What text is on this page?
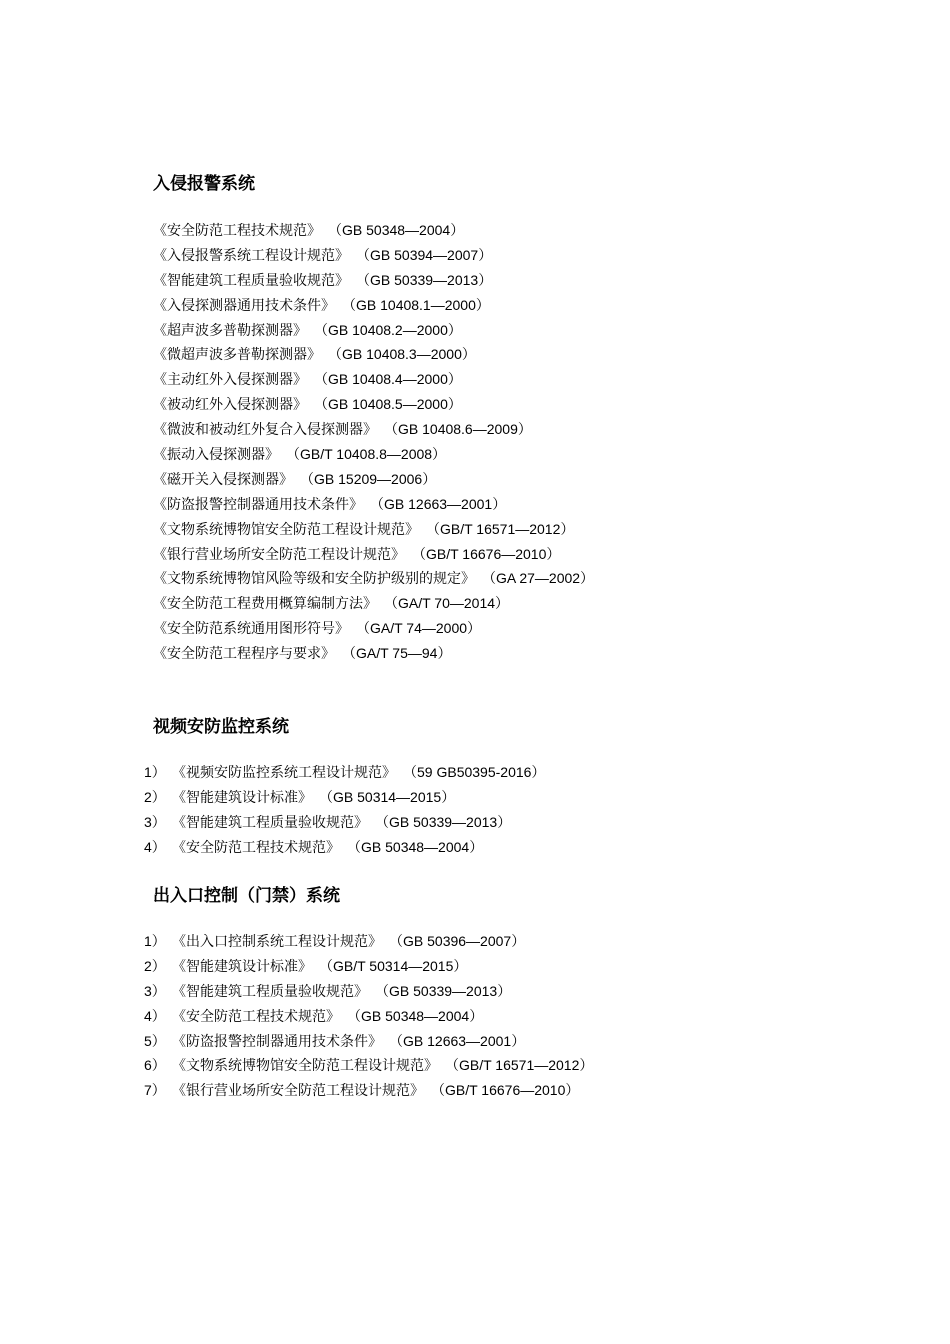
入侵报警系统
《安全防范工程技术规范》 （GB 50348—2004）
《入侵报警系统工程设计规范》 （GB 50394—2007）
《智能建筑工程质量验收规范》 （GB 50339—2013）
《入侵探测器通用技术条件》 （GB 10408.1—2000）
《超声波多普勒探测器》 （GB 10408.2—2000）
《微超声波多普勒探测器》 （GB 10408.3—2000）
《主动红外入侵探测器》 （GB 10408.4—2000）
《被动红外入侵探测器》 （GB 10408.5—2000）
《微波和被动红外复合入侵探测器》 （GB 10408.6—2009）
《振动入侵探测器》 （GB/T 10408.8—2008）
《磁开关入侵探测器》 （GB 15209—2006）
《防盗报警控制器通用技术条件》 （GB 12663—2001）
《文物系统博物馆安全防范工程设计规范》 （GB/T 16571—2012）
《银行营业场所安全防范工程设计规范》 （GB/T 16676—2010）
《文物系统博物馆风险等级和安全防护级别的规定》 （GA 27—2002）
《安全防范工程费用概算编制方法》 （GA/T 70—2014）
《安全防范系统通用图形符号》 （GA/T 74—2000）
《安全防范工程程序与要求》 （GA/T 75—94）
视频安防监控系统
1） 《视频安防监控系统工程设计规范》 （59 GB50395-2016）
2） 《智能建筑设计标准》 （GB 50314—2015）
3） 《智能建筑工程质量验收规范》 （GB 50339—2013）
4） 《安全防范工程技术规范》 （GB 50348—2004）
出入口控制（门禁）系统
1） 《出入口控制系统工程设计规范》 （GB 50396—2007）
2） 《智能建筑设计标准》 （GB/T 50314—2015）
3） 《智能建筑工程质量验收规范》 （GB 50339—2013）
4） 《安全防范工程技术规范》 （GB 50348—2004）
5） 《防盗报警控制器通用技术条件》 （GB 12663—2001）
6） 《文物系统博物馆安全防范工程设计规范》 （GB/T 16571—2012）
7） 《银行营业场所安全防范工程设计规范》 （GB/T 16676—2010）
